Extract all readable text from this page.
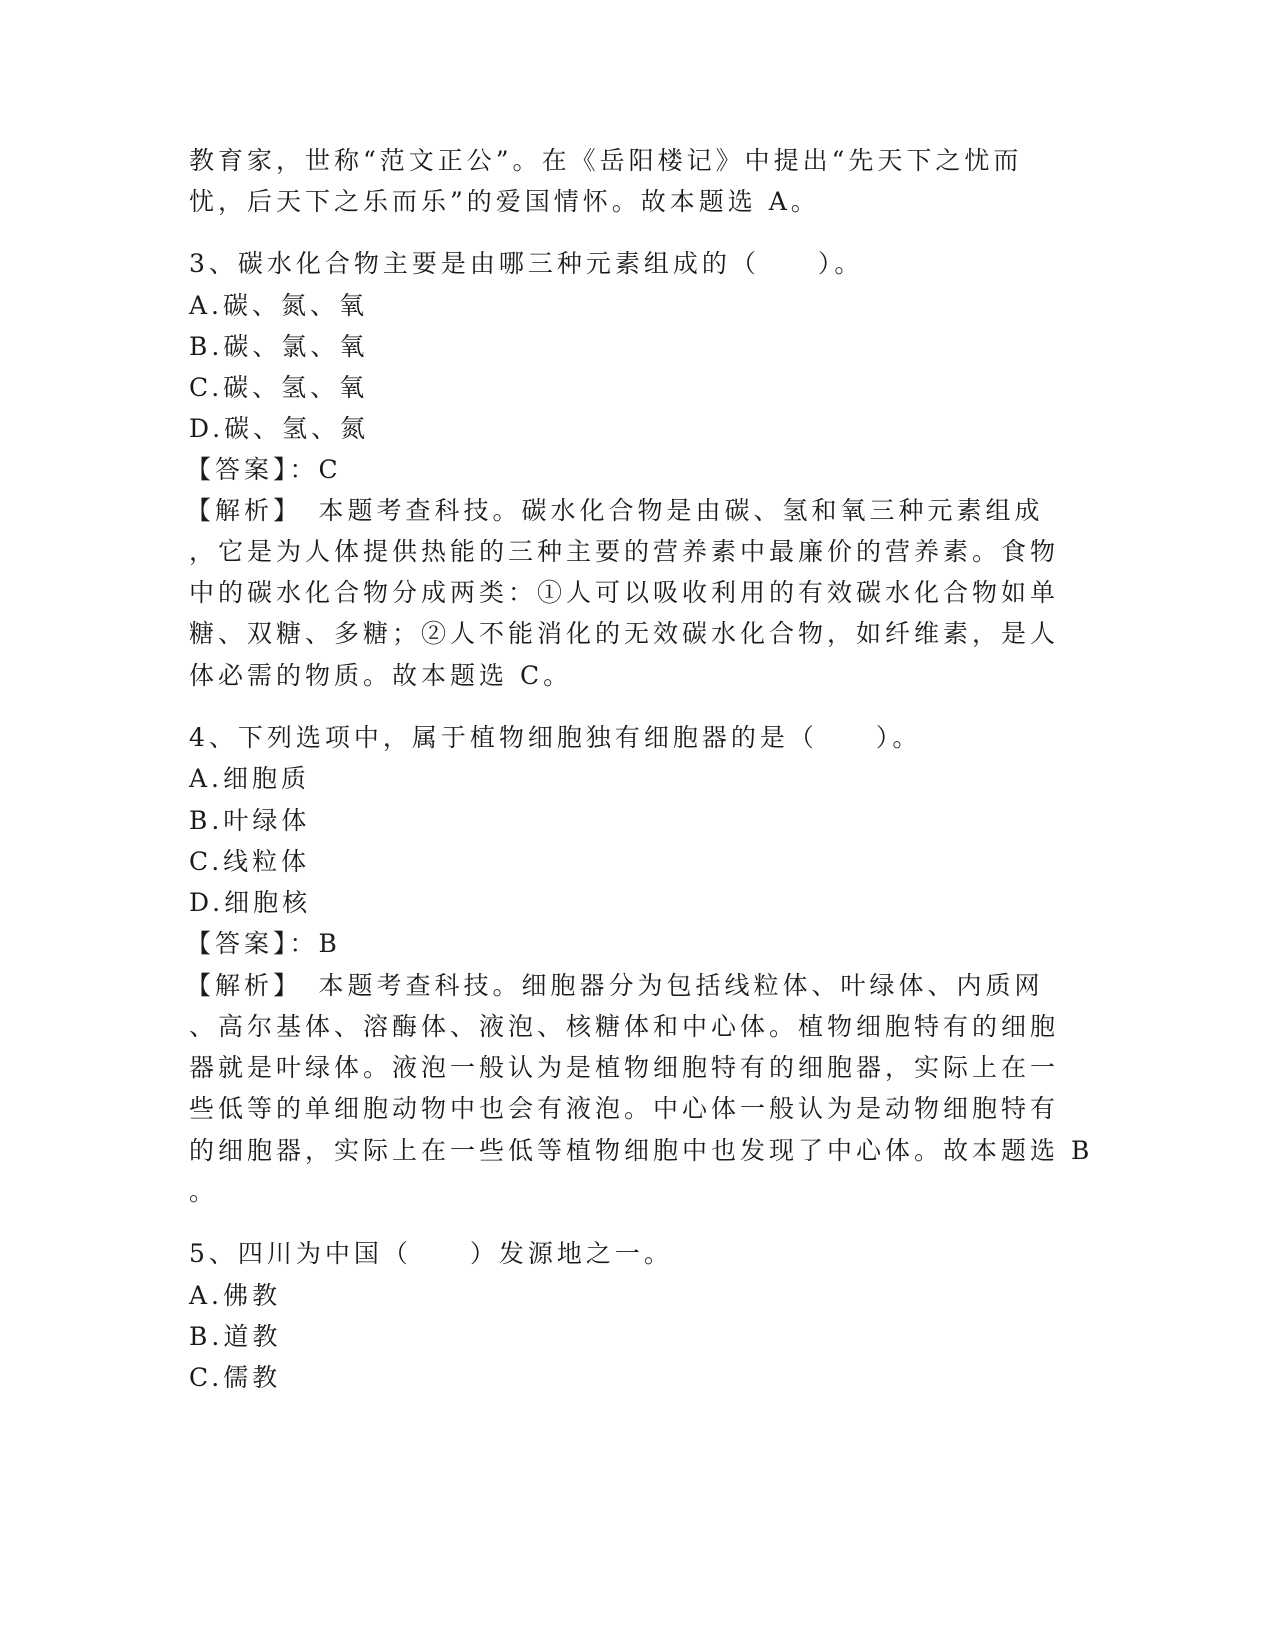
教育家，世称“范文正公”。在《岳阳楼记》中提出“先天下之忧而

忧，后天下之乐而乐”的爱国情怀。故本题选 A。

3、碳水化合物主要是由哪三种元素组成的（　　）。

A.碳、氮、氧

B.碳、氯、氧

C.碳、氢、氧

D.碳、氢、氮

【答案】：C

【解析】　本题考查科技。碳水化合物是由碳、氢和氧三种元素组成

，它是为人体提供热能的三种主要的营养素中最廉价的营养素。食物

中的碳水化合物分成两类：①人可以吸收利用的有效碳水化合物如单

糖、双糖、多糖；②人不能消化的无效碳水化合物，如纤维素，是人

体必需的物质。故本题选 C。

4、下列选项中，属于植物细胞独有细胞器的是（　　）。

A.细胞质

B.叶绿体

C.线粒体

D.细胞核

【答案】：B

【解析】　本题考查科技。细胞器分为包括线粒体、叶绿体、内质网

、高尔基体、溶酶体、液泡、核糖体和中心体。植物细胞特有的细胞

器就是叶绿体。液泡一般认为是植物细胞特有的细胞器，实际上在一

些低等的单细胞动物中也会有液泡。中心体一般认为是动物细胞特有

的细胞器，实际上在一些低等植物细胞中也发现了中心体。故本题选 B

。

5、四川为中国（　　）发源地之一。

A.佛教

B.道教

C.儒教
